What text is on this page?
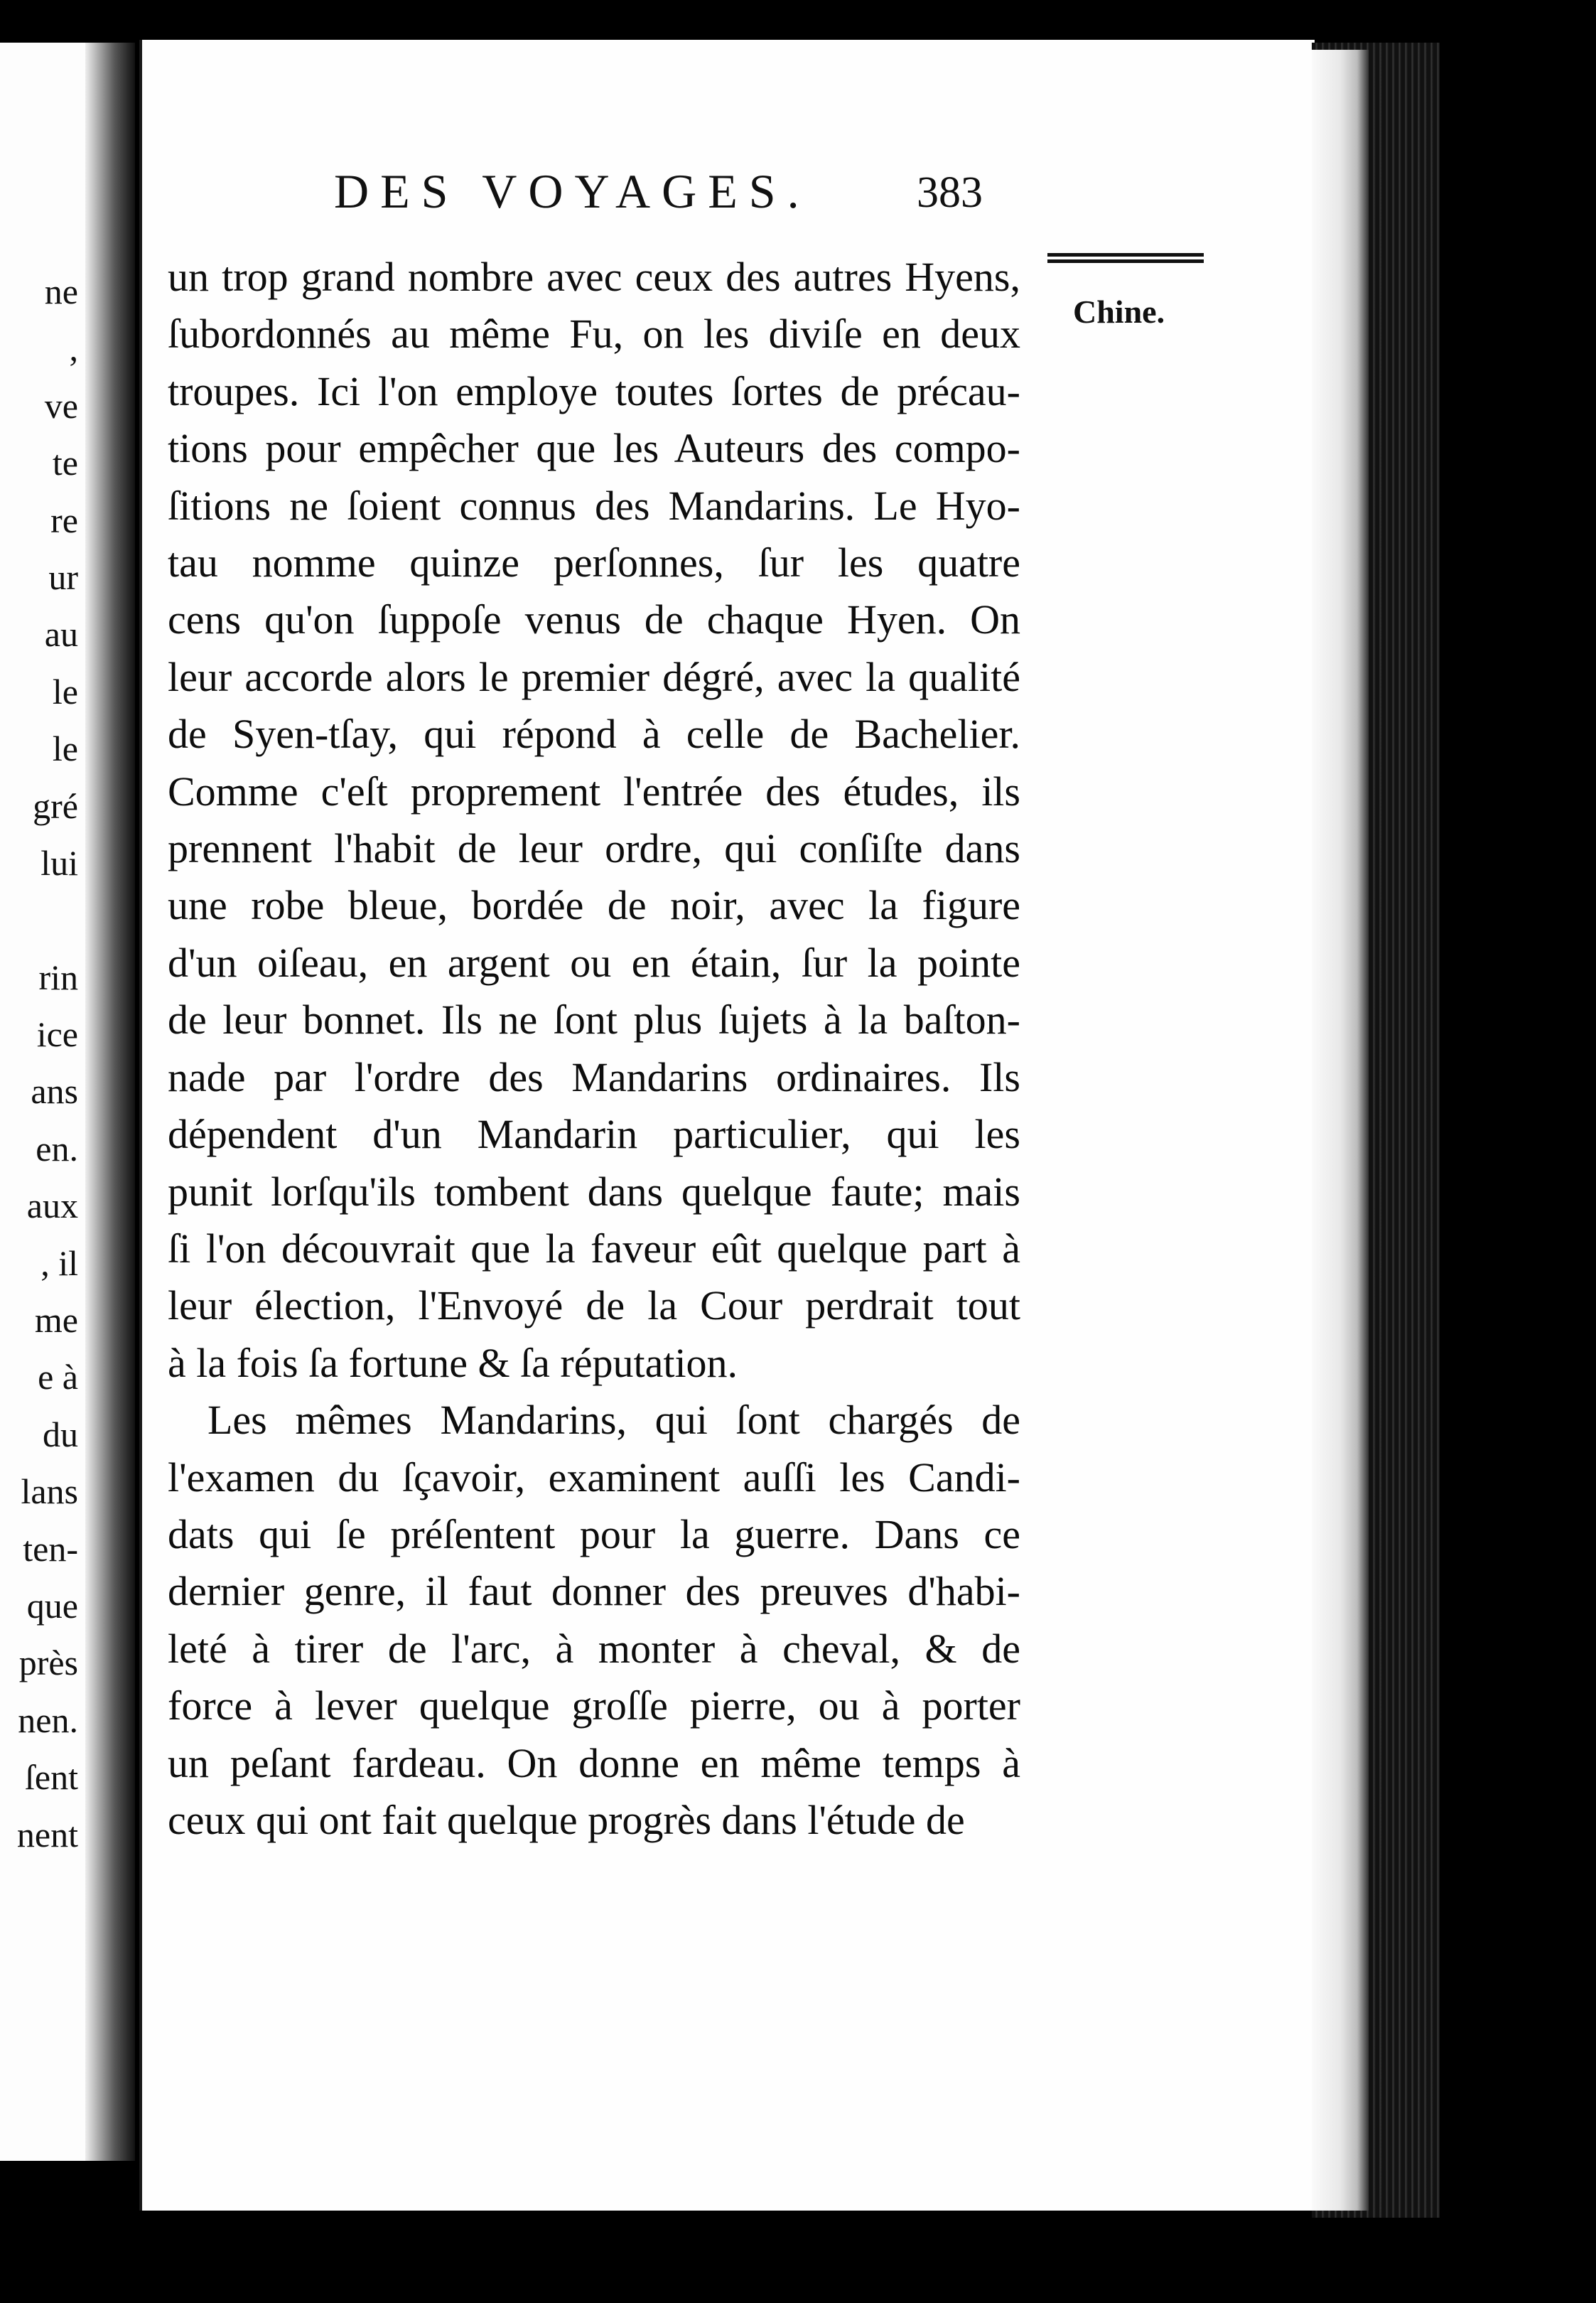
ne
,
ve
te
re
ur
au
le
le
gré
lui
rin
ice
ans
en.
aux
, il
me
e à
du
lans
ten-
que
près
nen.
ſent
nent
DES VOYAGES. 383
Chine.
un trop grand nombre avec ceux des autres Hyens,
ſubordonnés au même Fu, on les diviſe en deux
troupes. Ici l'on employe toutes ſortes de précau-
tions pour empêcher que les Auteurs des compo-
ſitions ne ſoient connus des Mandarins. Le Hyo-
tau nomme quinze perſonnes, ſur les quatre
cens qu'on ſuppoſe venus de chaque Hyen. On
leur accorde alors le premier dégré, avec la qualité
de Syen-tſay, qui répond à celle de Bachelier.
Comme c'eſt proprement l'entrée des études, ils
prennent l'habit de leur ordre, qui conſiſte dans
une robe bleue, bordée de noir, avec la figure
d'un oiſeau, en argent ou en étain, ſur la pointe
de leur bonnet. Ils ne ſont plus ſujets à la baſton-
nade par l'ordre des Mandarins ordinaires. Ils
dépendent d'un Mandarin particulier, qui les
punit lorſqu'ils tombent dans quelque faute; mais
ſi l'on découvrait que la faveur eût quelque part à
leur élection, l'Envoyé de la Cour perdrait tout
à la fois ſa fortune & ſa réputation.
Les mêmes Mandarins, qui ſont chargés de
l'examen du ſçavoir, examinent auſſi les Candi-
dats qui ſe préſentent pour la guerre. Dans ce
dernier genre, il faut donner des preuves d'habi-
leté à tirer de l'arc, à monter à cheval, & de
force à lever quelque groſſe pierre, ou à porter
un peſant fardeau. On donne en même temps à
ceux qui ont fait quelque progrès dans l'étude de
